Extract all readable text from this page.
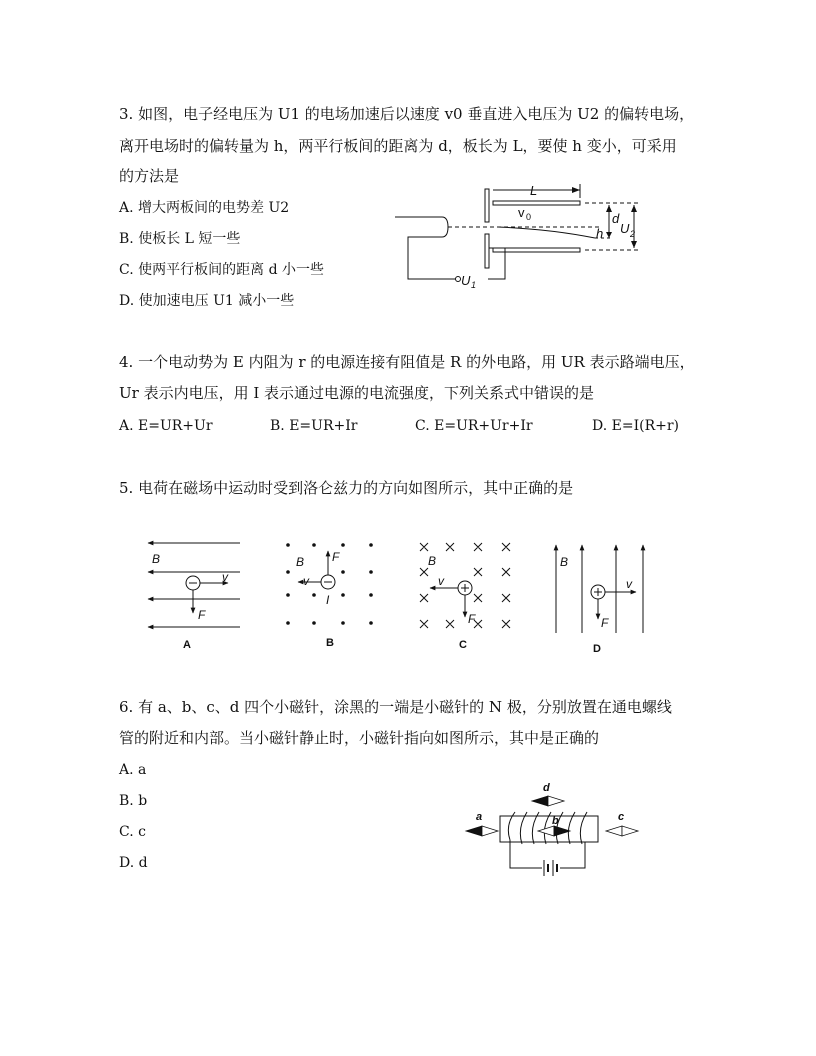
3. 如图，电子经电压为 U1 的电场加速后以速度 v0 垂直进入电压为 U2 的偏转电场，
离开电场时的偏转量为 h，两平行板间的距离为 d，板长为 L，要使 h 变小，可采用
的方法是
A. 增大两板间的电势差 U2
B. 使板长 L 短一些
C. 使两平行板间的距离 d 小一些
D. 使加速电压 U1 减小一些
L
v 0	d
h U 2
U 1
4. 一个电动势为 E 内阻为 r 的电源连接有阻值是 R 的外电路，用 UR 表示路端电压，
Ur 表示内电压，用 I 表示通过电源的电流强度，下列关系式中错误的是
A. E=UR+Ur	B. E=UR+Ir	C. E=UR+Ur+Ir	D. E=I(R+r)
5. 电荷在磁场中运动时受到洛仑兹力的方向如图所示，其中正确的是
B
v
F
A
B F
v
I
B
B
v
F
C
B
v
F
D
6. 有 a、b、c、d 四个小磁针，涂黑的一端是小磁针的 N 极，分别放置在通电螺线
管的附近和内部。当小磁针静止时，小磁针指向如图所示，其中是正确的
A. a
B. b
C. c
D. d
a	b	c
d
